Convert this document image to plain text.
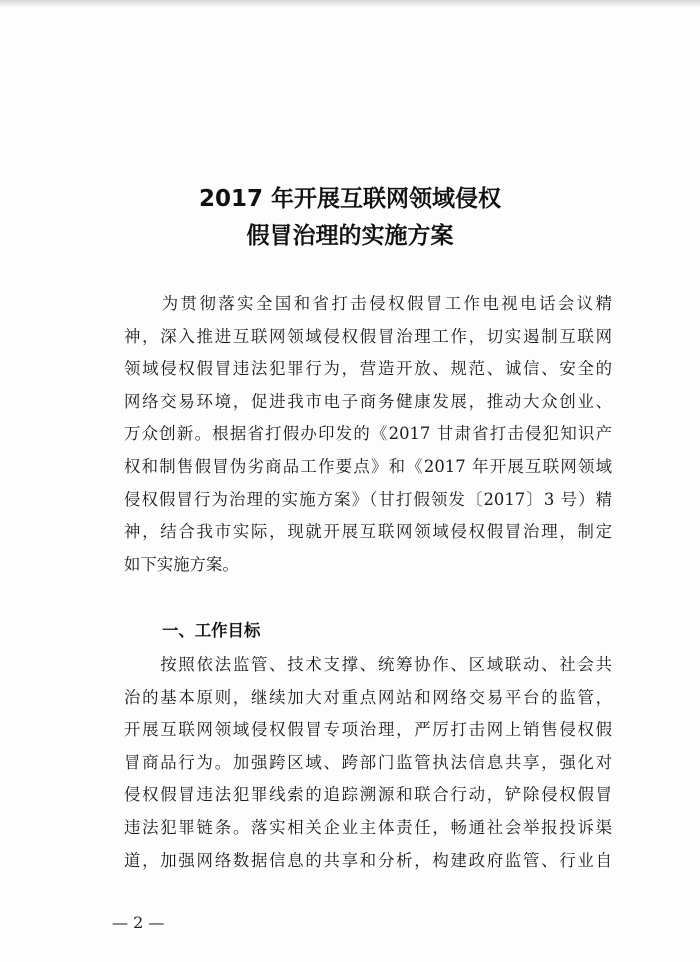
2017 年开展互联网领域侵权
假冒治理的实施方案
　　为贯彻落实全国和省打击侵权假冒工作电视电话会议精
神，深入推进互联网领域侵权假冒治理工作，切实遏制互联网
领域侵权假冒违法犯罪行为，营造开放、规范、诚信、安全的
网络交易环境，促进我市电子商务健康发展，推动大众创业、
万众创新。根据省打假办印发的《2017 甘肃省打击侵犯知识产
权和制售假冒伪劣商品工作要点》和《2017 年开展互联网领域
侵权假冒行为治理的实施方案》（甘打假领发〔2017〕3 号）精
神，结合我市实际，现就开展互联网领域侵权假冒治理，制定
如下实施方案。
一、工作目标
　　按照依法监管、技术支撑、统筹协作、区域联动、社会共
治的基本原则，继续加大对重点网站和网络交易平台的监管，
开展互联网领域侵权假冒专项治理，严厉打击网上销售侵权假
冒商品行为。加强跨区域、跨部门监管执法信息共享，强化对
侵权假冒违法犯罪线索的追踪溯源和联合行动，铲除侵权假冒
违法犯罪链条。落实相关企业主体责任，畅通社会举报投诉渠
道，加强网络数据信息的共享和分析，构建政府监管、行业自
— 2 —
